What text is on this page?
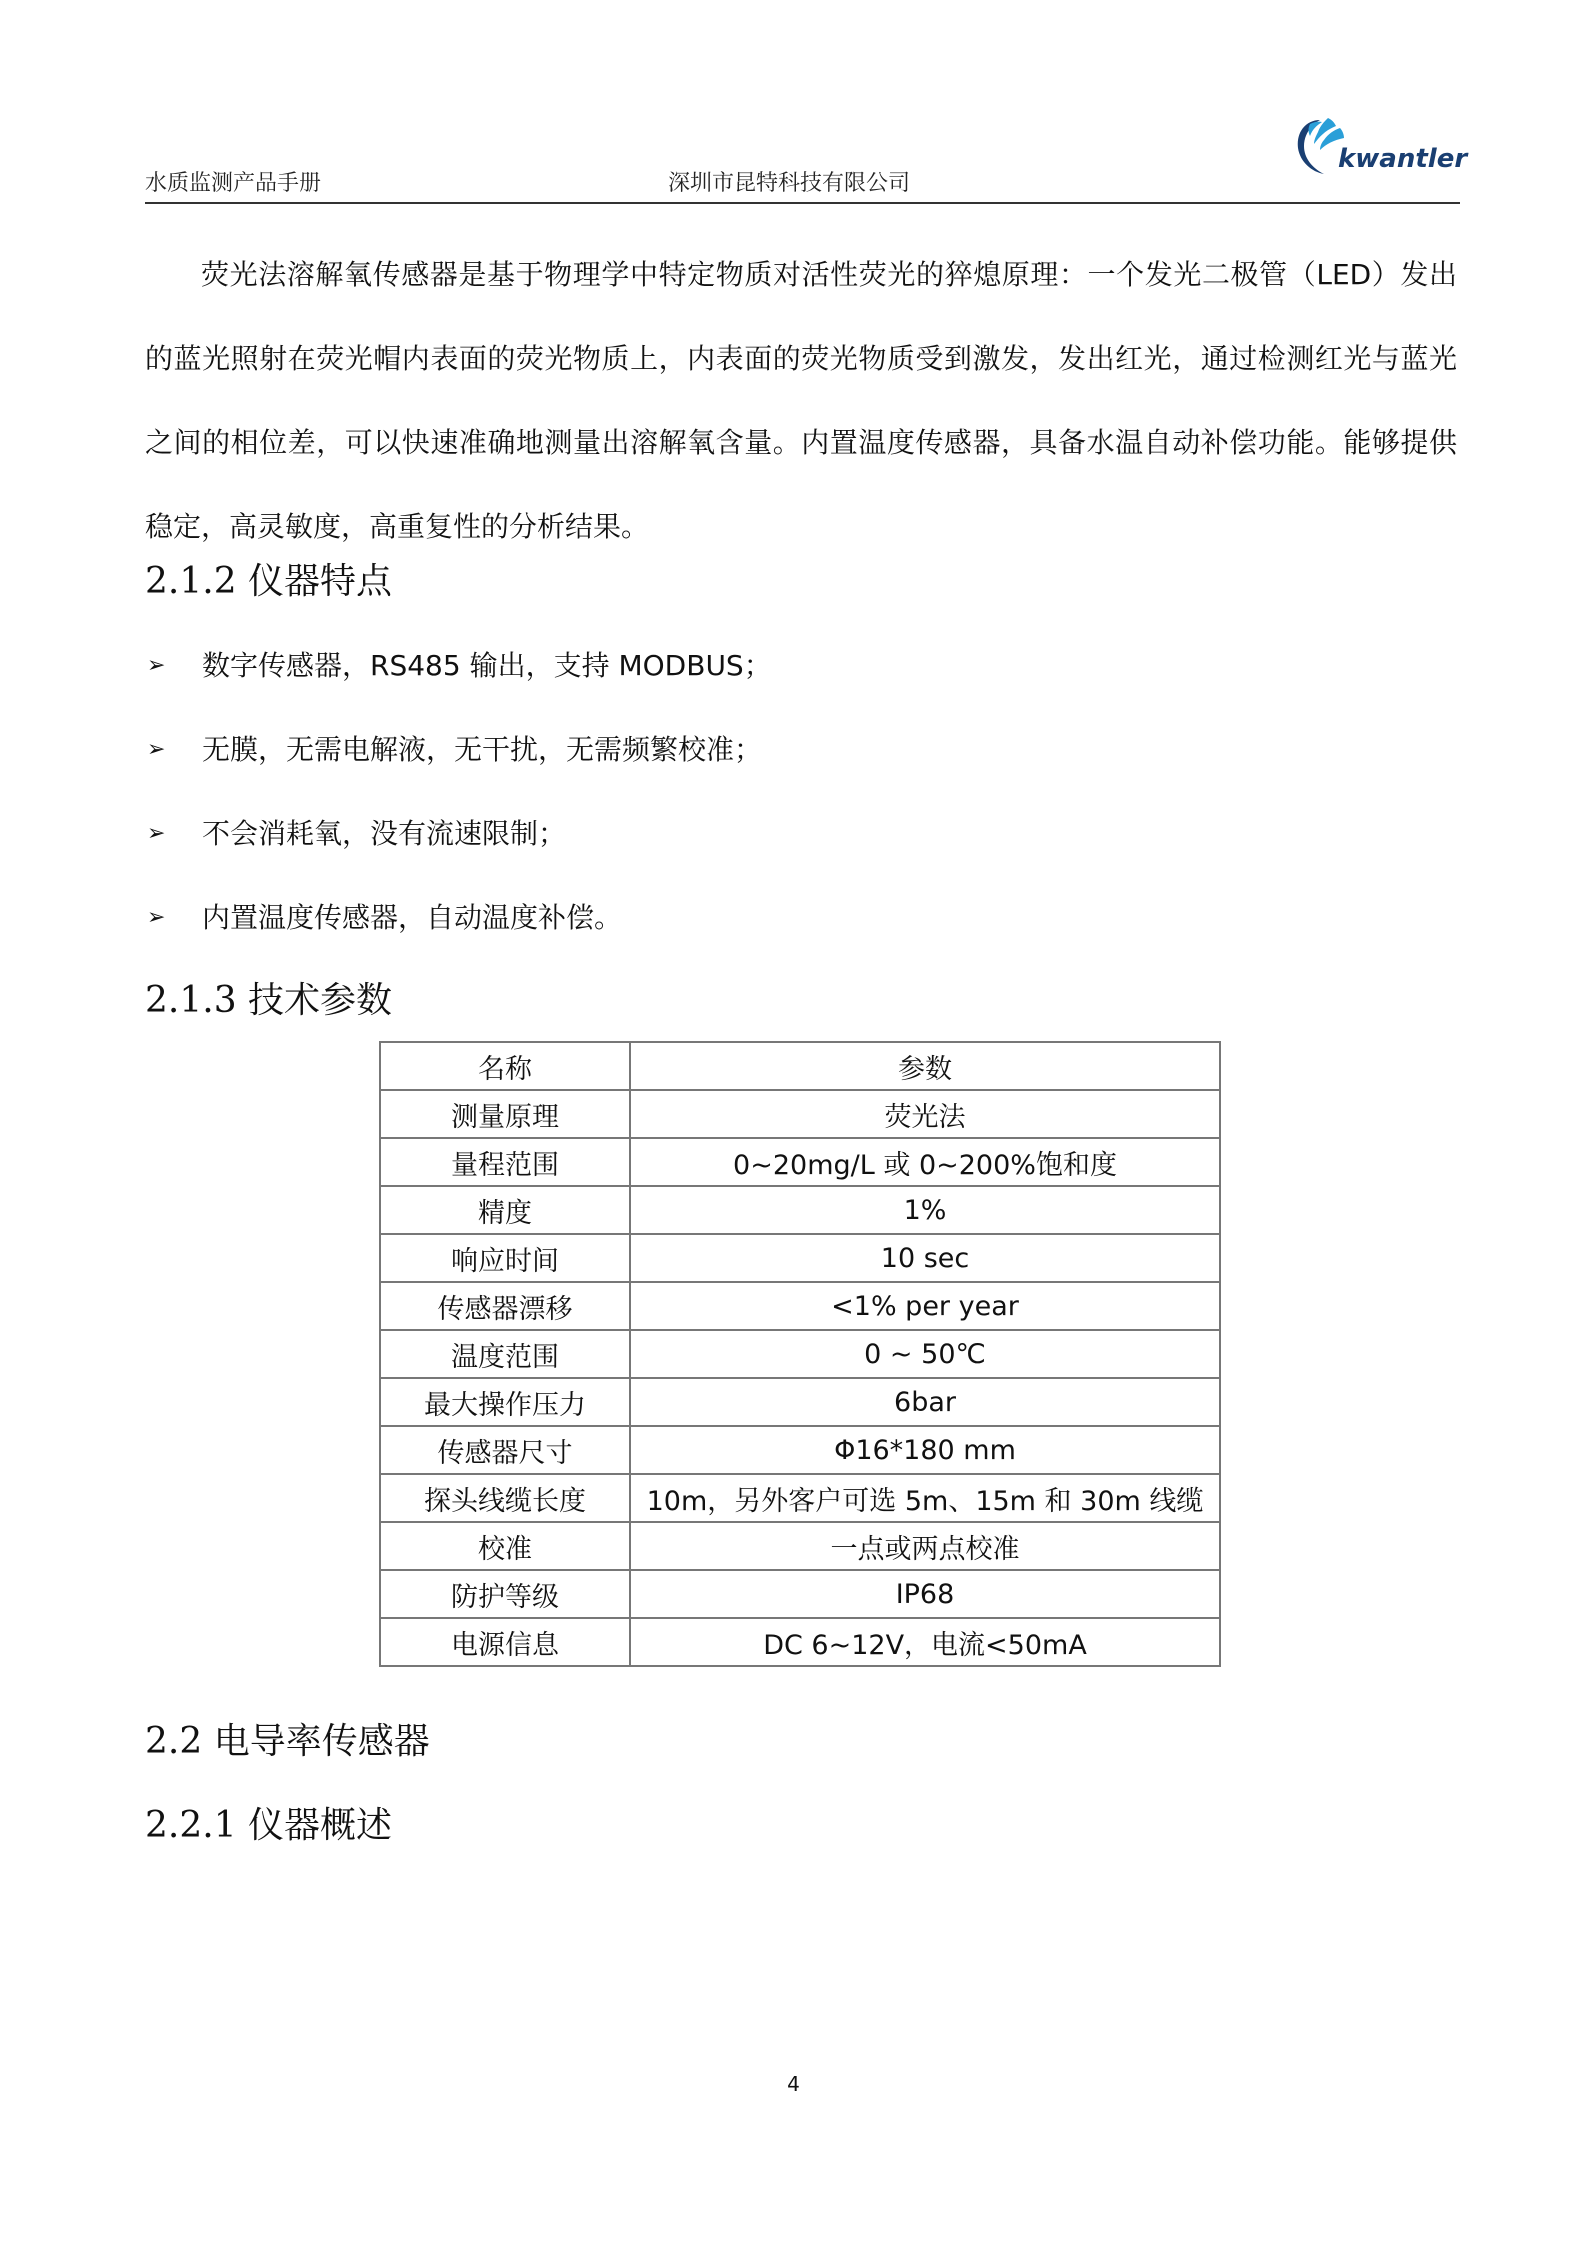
水质监测产品手册	深圳市昆特科技有限公司
kwantler

荧光法溶解氧传感器是基于物理学中特定物质对活性荧光的猝熄原理：一个发光二极管（LED）发出的蓝光照射在荧光帽内表面的荧光物质上，内表面的荧光物质受到激发，发出红光，通过检测红光与蓝光之间的相位差，可以快速准确地测量出溶解氧含量。内置温度传感器，具备水温自动补偿功能。能够提供稳定，高灵敏度，高重复性的分析结果。

2.1.2 仪器特点
➢ 数字传感器，RS485 输出，支持 MODBUS；
➢ 无膜，无需电解液，无干扰，无需频繁校准；
➢ 不会消耗氧，没有流速限制；
➢ 内置温度传感器，自动温度补偿。
2.1.3 技术参数
名称	参数
测量原理	荧光法
量程范围	0~20mg/L 或 0~200%饱和度
精度	1%
响应时间	10 sec
传感器漂移	<1% per year
温度范围	0 ~ 50℃
最大操作压力	6bar
传感器尺寸	Φ16*180 mm
探头线缆长度	10m，另外客户可选 5m、15m 和 30m 线缆
校准	一点或两点校准
防护等级	IP68
电源信息	DC 6~12V，电流<50mA
2.2 电导率传感器
2.2.1 仪器概述
4
